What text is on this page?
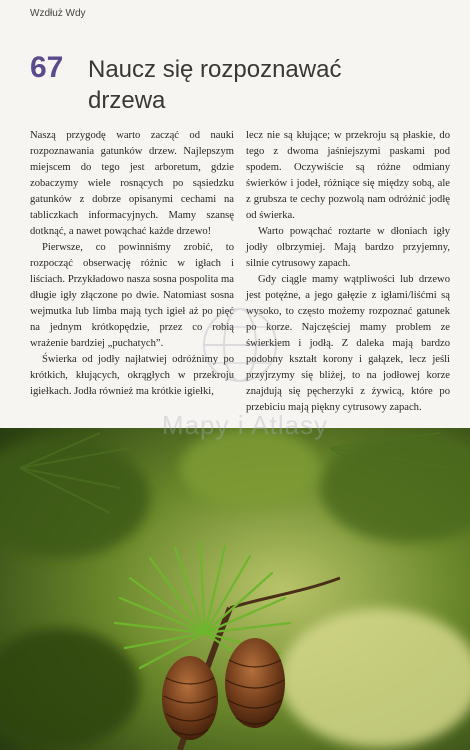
Wzdłuż Wdy
67 Naucz się rozpoznawać drzewa

Naszą przygodę warto zacząć od nauki rozpoznawania gatunków drzew. Najlepszym miejscem do tego jest arboretum, gdzie zobaczymy wiele rosnących po sąsiedzku gatunków z dobrze opisanymi cechami na tabliczkach informacyjnych. Mamy szansę dotknąć, a nawet powąchać każde drzewo!

Pierwsze, co powinniśmy zrobić, to rozpocząć obserwację różnic w igłach i liściach. Przykładowo nasza sosna pospolita ma długie igły złączone po dwie. Natomiast sosna wejmutka lub limba mają tych igieł aż po pięć na jednym krótkopędzie, przez co robią wrażenie bardziej „puchatych”.

Świerka od jodły najłatwiej odróżnimy po krótkich, kłujących, okrągłych w przekroju igiełkach. Jodła również ma krótkie igiełki,

lecz nie są kłujące; w przekroju są płaskie, do tego z dwoma jaśniejszymi paskami pod spodem. Oczywiście są różne odmiany świerków i jodeł, różniące się między sobą, ale z grubsza te cechy pozwolą nam odróżnić jodłę od świerka.

Warto powąchać roztarte w dłoniach igły jodły olbrzymiej. Mają bardzo przyjemny, silnie cytrusowy zapach.

Gdy ciągle mamy wątpliwości lub drzewo jest potężne, a jego gałęzie z igłami/liśćmi są wysoko, to często możemy rozpoznać gatunek po korze. Najczęściej mamy problem ze świerkiem i jodłą. Z daleka mają bardzo podobny kształt korony i gałązek, lecz jeśli przyjrzymy się bliżej, to na jodłowej korze znajdują się pęcherzyki z żywicą, które po przebiciu mają piękny cytrusowy zapach.

Mapy i Atlasy
